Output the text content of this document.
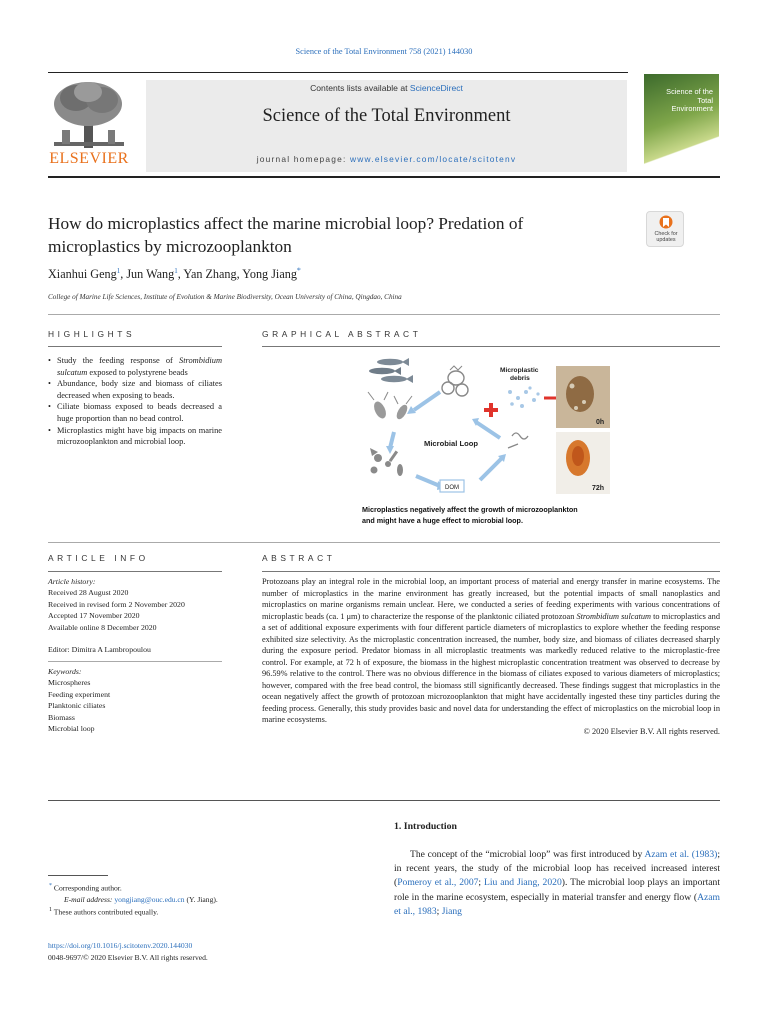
Science of the Total Environment 758 (2021) 144030
ELSEVIER
Contents lists available at ScienceDirect
Science of the Total Environment
journal homepage: www.elsevier.com/locate/scitotenv
Science of the
Total Environment
How do microplastics affect the marine microbial loop? Predation of
microplastics by microzooplankton
Check for
updates
Xianhui Geng$^1$, Jun Wang$^1$, Yan Zhang, Yong Jiang*
College of Marine Life Sciences, Institute of Evolution & Marine Biodiversity, Ocean University of China, Qingdao, China
HIGHLIGHTS
• Study the feeding response of Strombidium sulcatum exposed to polystyrene beads
• Abundance, body size and biomass of ciliates decreased when exposing to beads.
• Ciliate biomass exposed to beads decreased a huge proportion than no bead control.
• Microplastics might have big impacts on marine microzooplankton and microbial loop.
GRAPHICAL ABSTRACT
Microplastic
debris
Microbial Loop
DOM
0h
72h
Microplastics negatively affect the growth of microzooplankton
and might have a huge effect to microbial loop.
ARTICLE INFO
Article history:
Received 28 August 2020
Received in revised form 2 November 2020
Accepted 17 November 2020
Available online 8 December 2020
Editor: Dimitra A Lambropoulou
Keywords:
Microspheres
Feeding experiment
Planktonic ciliates
Biomass
Microbial loop
ABSTRACT
Protozoans play an integral role in the microbial loop, an important process of material and energy transfer in marine ecosystems. The number of microplastics in the marine environment has greatly increased, but the potential impacts of small nanoplastics and microplastics on marine organisms remain unclear. Here, we conducted a series of feeding experiments with various concentrations of microplastic beads (ca. 1 μm) to characterize the response of the planktonic ciliated protozoan Strombidium sulcatum to microplastics and a set of additional exposure experiments with four different particle diameters of microplastics to explore whether the feeding response exhibited size selectivity. As the microplastic concentration increased, the number, body size, and biomass of ciliates decreased sharply during the exposure period. Predator biomass in all microplastic treatments was markedly reduced relative to the microplastic-free control. For example, at 72 h of exposure, the biomass in the highest microplastic concentration treatment was observed to decrease by 96.59% relative to the control. There was no obvious difference in the biomass of ciliates exposed to various diameters of microplastics; however, compared with the free bead control, the biomass still significantly decreased. These findings suggest that microplastics in the ocean negatively affect the growth of protozoan microzooplankton that might have accidentally ingested these tiny particles during the feeding process. Generally, this study provides basic and novel data for understanding the effect of microplastics on the microbial loop in marine ecosystems.
© 2020 Elsevier B.V. All rights reserved.
1. Introduction
The concept of the “microbial loop” was first introduced by Azam et al. (1983); in recent years, the study of the microbial loop has received increased interest (Pomeroy et al., 2007; Liu and Jiang, 2020). The microbial loop plays an important role in the marine ecosystem, especially in material transfer and energy flow (Azam et al., 1983; Jiang
* Corresponding author.
E-mail address: yongjiang@ouc.edu.cn (Y. Jiang).
$^1$ These authors contributed equally.
https://doi.org/10.1016/j.scitotenv.2020.144030
0048-9697/© 2020 Elsevier B.V. All rights reserved.
